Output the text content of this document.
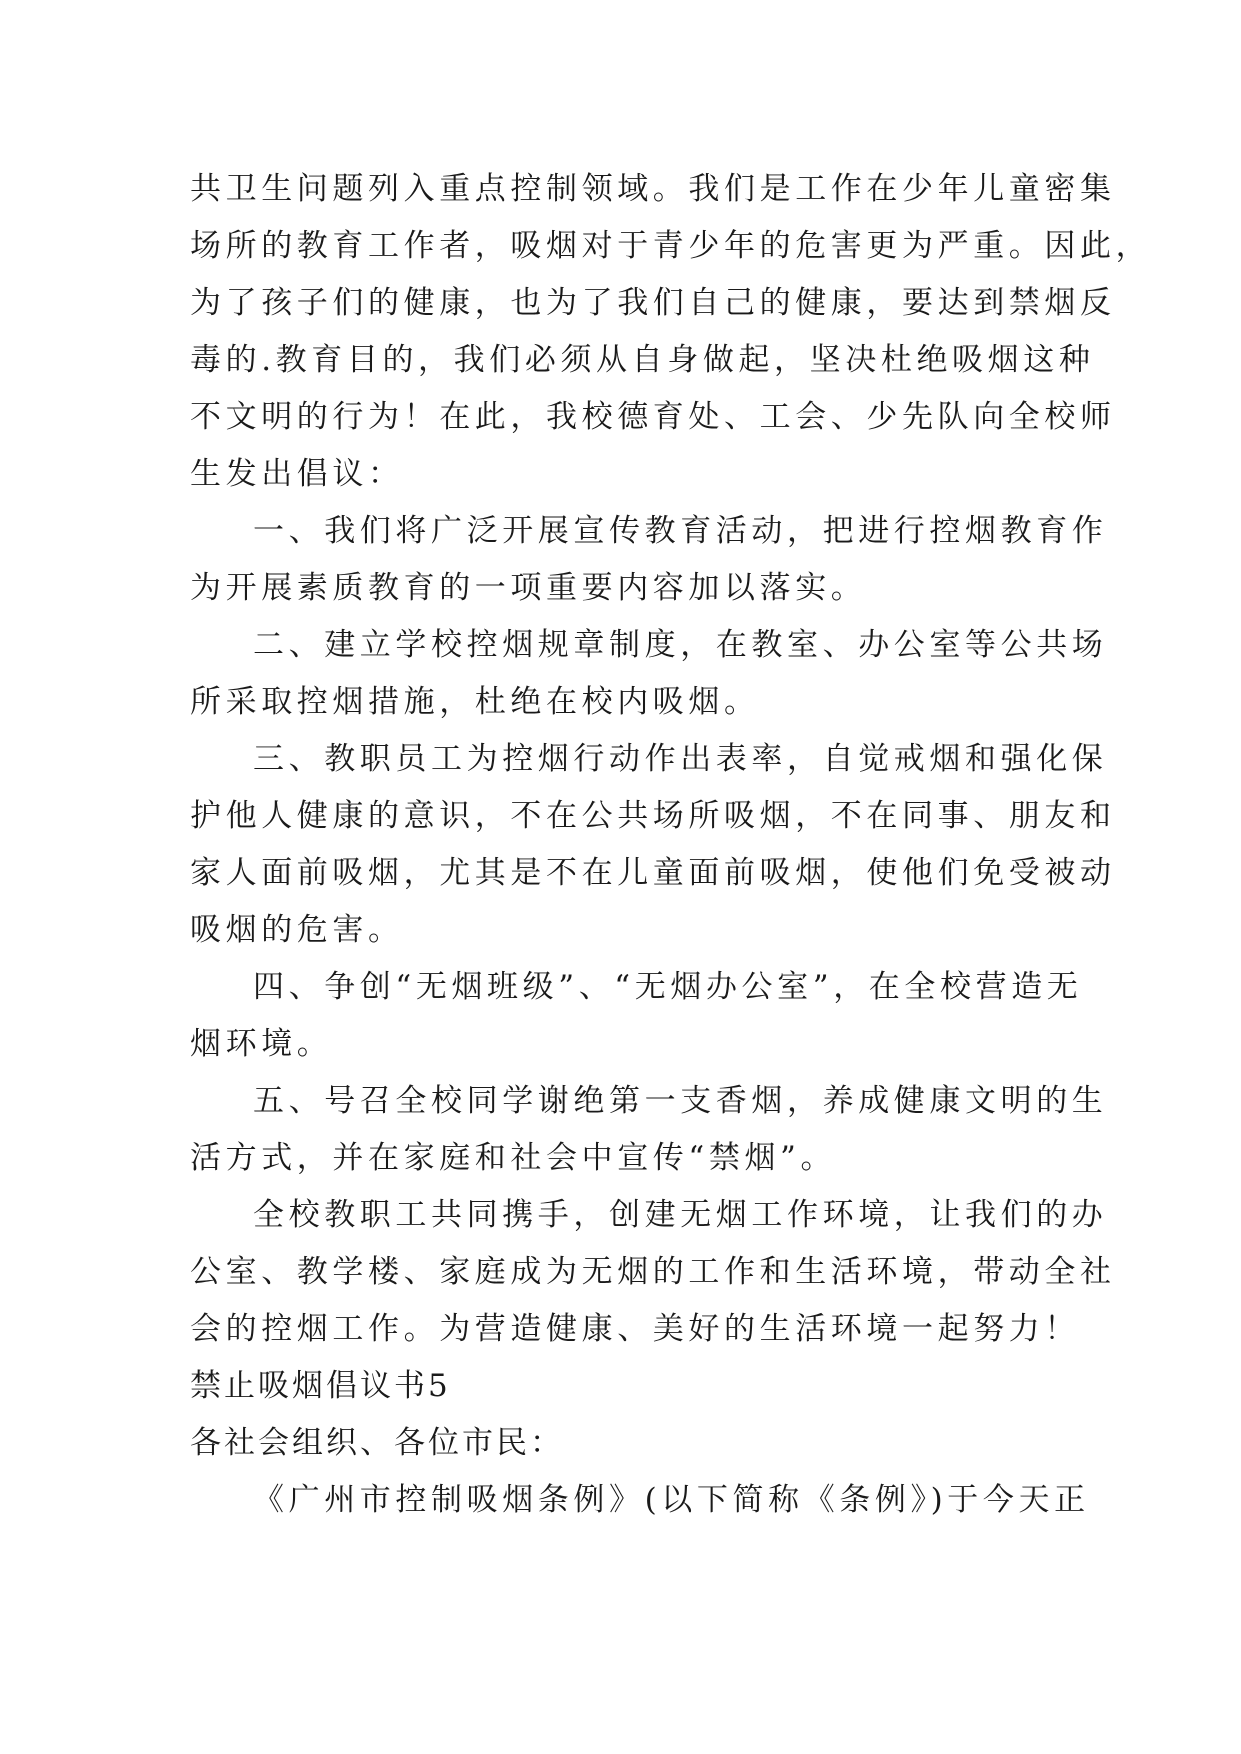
共卫生问题列入重点控制领域。我们是工作在少年儿童密集
场所的教育工作者，吸烟对于青少年的危害更为严重。因此，
为了孩子们的健康，也为了我们自己的健康，要达到禁烟反
毒的.教育目的，我们必须从自身做起，坚决杜绝吸烟这种
不文明的行为！在此，我校德育处、工会、少先队向全校师
生发出倡议：
一、我们将广泛开展宣传教育活动，把进行控烟教育作
为开展素质教育的一项重要内容加以落实。
二、建立学校控烟规章制度，在教室、办公室等公共场
所采取控烟措施，杜绝在校内吸烟。
三、教职员工为控烟行动作出表率，自觉戒烟和强化保
护他人健康的意识，不在公共场所吸烟，不在同事、朋友和
家人面前吸烟，尤其是不在儿童面前吸烟，使他们免受被动
吸烟的危害。
四、争创“无烟班级”、“无烟办公室”，在全校营造无
烟环境。
五、号召全校同学谢绝第一支香烟，养成健康文明的生
活方式，并在家庭和社会中宣传“禁烟”。
全校教职工共同携手，创建无烟工作环境，让我们的办
公室、教学楼、家庭成为无烟的工作和生活环境，带动全社
会的控烟工作。为营造健康、美好的生活环境一起努力！
禁止吸烟倡议书5
各社会组织、各位市民：
《广州市控制吸烟条例》(以下简称《条例》)于今天正
